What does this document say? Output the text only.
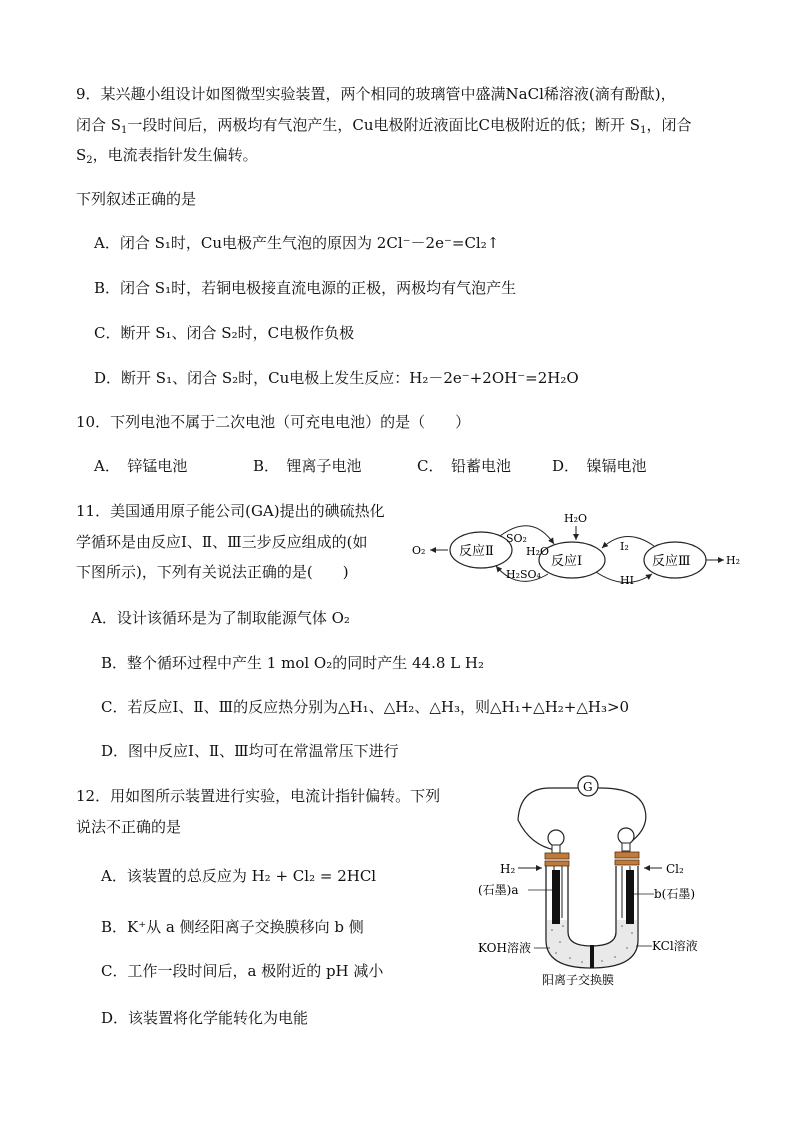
9．某兴趣小组设计如图微型实验装置，两个相同的玻璃管中盛满NaCl稀溶液(滴有酚酞)，
闭合 $S_1$一段时间后，两极均有气泡产生，Cu电极附近液面比C电极附近的低；断开 $S_1$，闭合
$S_2$，电流表指针发生偏转。
下列叙述正确的是
A．闭合 S₁时，Cu电极产生气泡的原因为 2Cl⁻－2e⁻=Cl₂↑
B．闭合 S₁时，若铜电极接直流电源的正极，两极均有气泡产生
C．断开 S₁、闭合 S₂时，C电极作负极
D．断开 S₁、闭合 S₂时，Cu电极上发生反应：H₂－2e⁻+2OH⁻=2H₂O
10．下列电池不属于二次电池（可充电电池）的是（　　）
A．　锌锰电池	B．　锂离子电池	C．　铅蓄电池	D．　镍镉电池
11．美国通用原子能公司(GA)提出的碘硫热化
学循环是由反应Ⅰ、Ⅱ、Ⅲ三步反应组成的(如
下图所示)，下列有关说法正确的是(　　)
O₂	反应Ⅱ
反应Ⅰ	反应Ⅲ	H₂
H₂O
SO₂
H₂O
H₂SO₄
I₂
HI
A．设计该循环是为了制取能源气体 O₂
B．整个循环过程中产生 1 mol O₂的同时产生 44.8 L H₂
C．若反应Ⅰ、Ⅱ、Ⅲ的反应热分别为△H₁、△H₂、△H₃，则△H₁+△H₂+△H₃>0
D．图中反应Ⅰ、Ⅱ、Ⅲ均可在常温常压下进行
12．用如图所示装置进行实验，电流计指针偏转。下列
说法不正确的是
A．该装置的总反应为 H₂ + Cl₂ = 2HCl
B．K⁺从 a 侧经阳离子交换膜移向 b 侧
C．工作一段时间后，a 极附近的 pH 减小
D．该装置将化学能转化为电能
G
H₂	Cl₂
(石墨)a	b(石墨)
KOH溶液	KCl溶液
阳离子交换膜
